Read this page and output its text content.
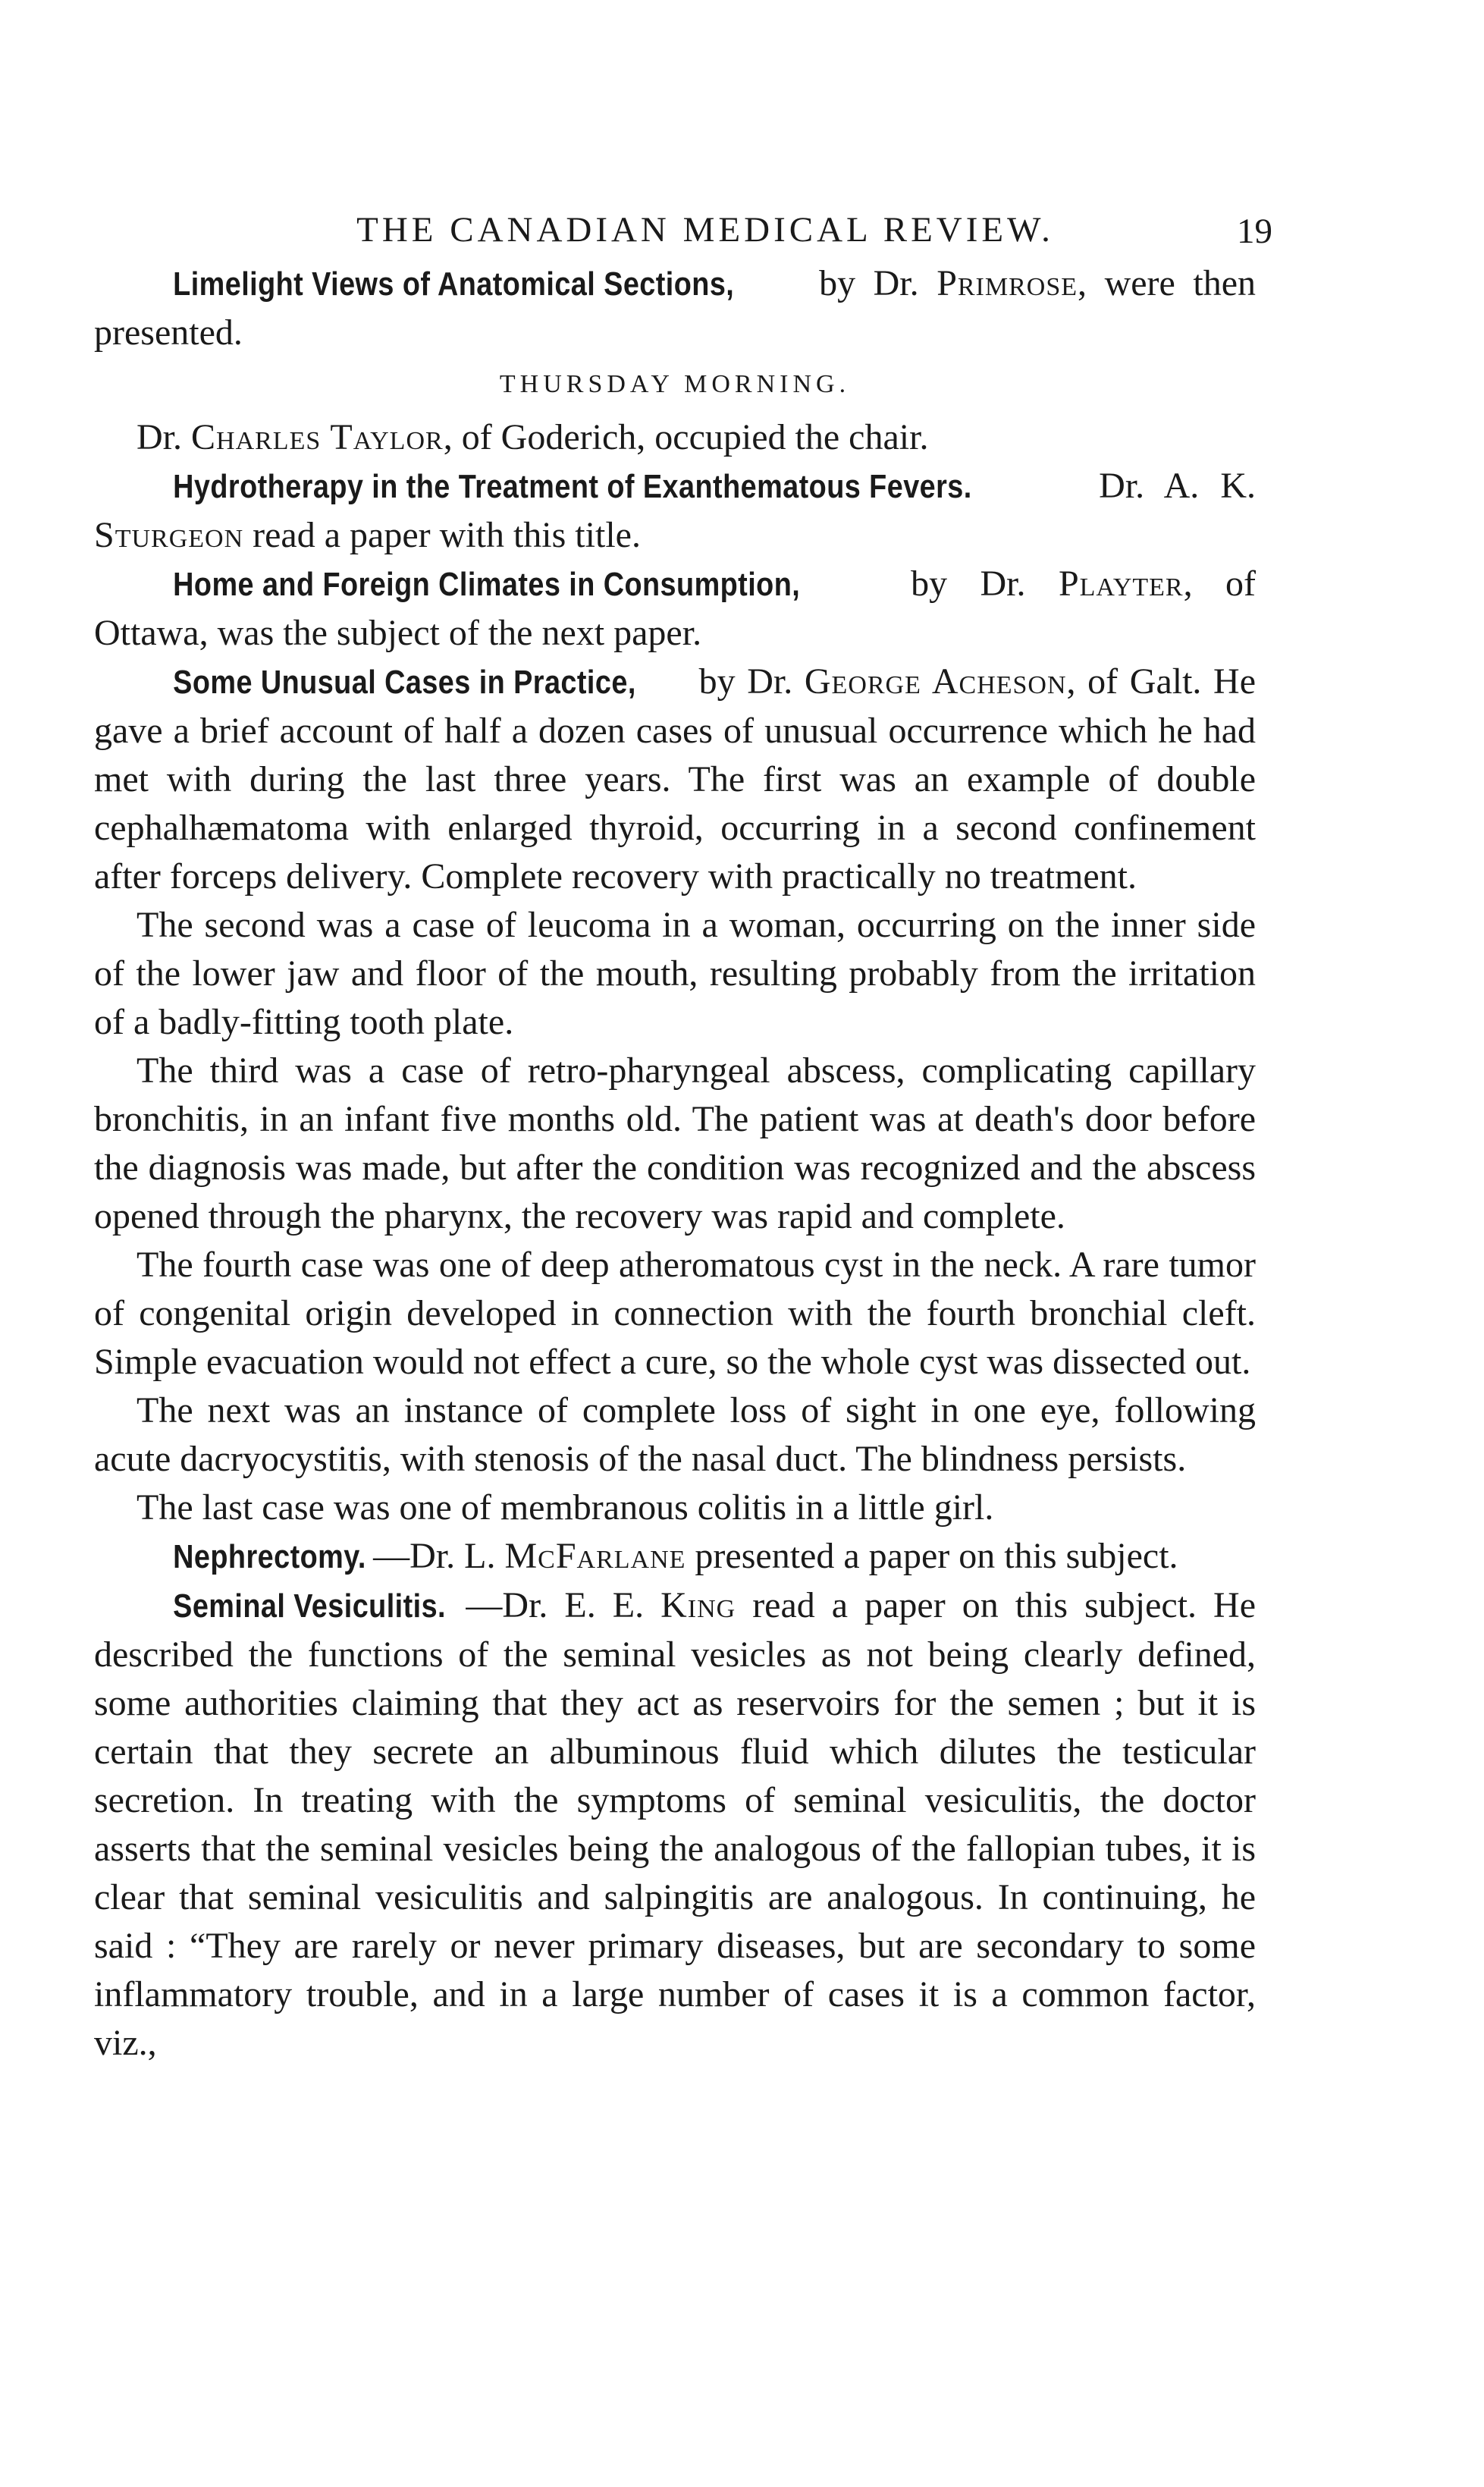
THE CANADIAN MEDICAL REVIEW.	19

Limelight Views of Anatomical Sections, by Dr. Primrose, were then presented.

THURSDAY MORNING.

Dr. Charles Taylor, of Goderich, occupied the chair.

Hydrotherapy in the Treatment of Exanthematous Fevers.	Dr. A. K. Sturgeon read a paper with this title.

Home and Foreign Climates in Consumption, by Dr. Playter, of Ottawa, was the subject of the next paper.

Some Unusual Cases in Practice, by Dr. George Acheson, of Galt. He gave a brief account of half a dozen cases of unusual occurrence which he had met with during the last three years. The first was an example of double cephalhæmatoma with enlarged thyroid, occurring in a second confinement after forceps delivery. Complete recovery with practically no treatment.

The second was a case of leucoma in a woman, occurring on the inner side of the lower jaw and floor of the mouth, resulting probably from the irritation of a badly-fitting tooth plate.

The third was a case of retro-pharyngeal abscess, complicating capillary bronchitis, in an infant five months old. The patient was at death's door before the diagnosis was made, but after the condition was recognized and the abscess opened through the pharynx, the recovery was rapid and complete.

The fourth case was one of deep atheromatous cyst in the neck. A rare tumor of congenital origin developed in connection with the fourth bronchial cleft. Simple evacuation would not effect a cure, so the whole cyst was dissected out.

The next was an instance of complete loss of sight in one eye, following acute dacryocystitis, with stenosis of the nasal duct. The blindness persists.

The last case was one of membranous colitis in a little girl.

Nephrectomy. —Dr. L. McFarlane presented a paper on this subject.

Seminal Vesiculitis. —Dr. E. E. King read a paper on this subject. He described the functions of the seminal vesicles as not being clearly defined, some authorities claiming that they act as reservoirs for the semen ; but it is certain that they secrete an albuminous fluid which dilutes the testicular secretion. In treating with the symptoms of seminal vesiculitis, the doctor asserts that the seminal vesicles being the analogous of the fallopian tubes, it is clear that seminal vesiculitis and salpingitis are analogous. In continuing, he said : “They are rarely or never primary diseases, but are secondary to some inflammatory trouble, and in a large number of cases it is a common factor, viz.,
